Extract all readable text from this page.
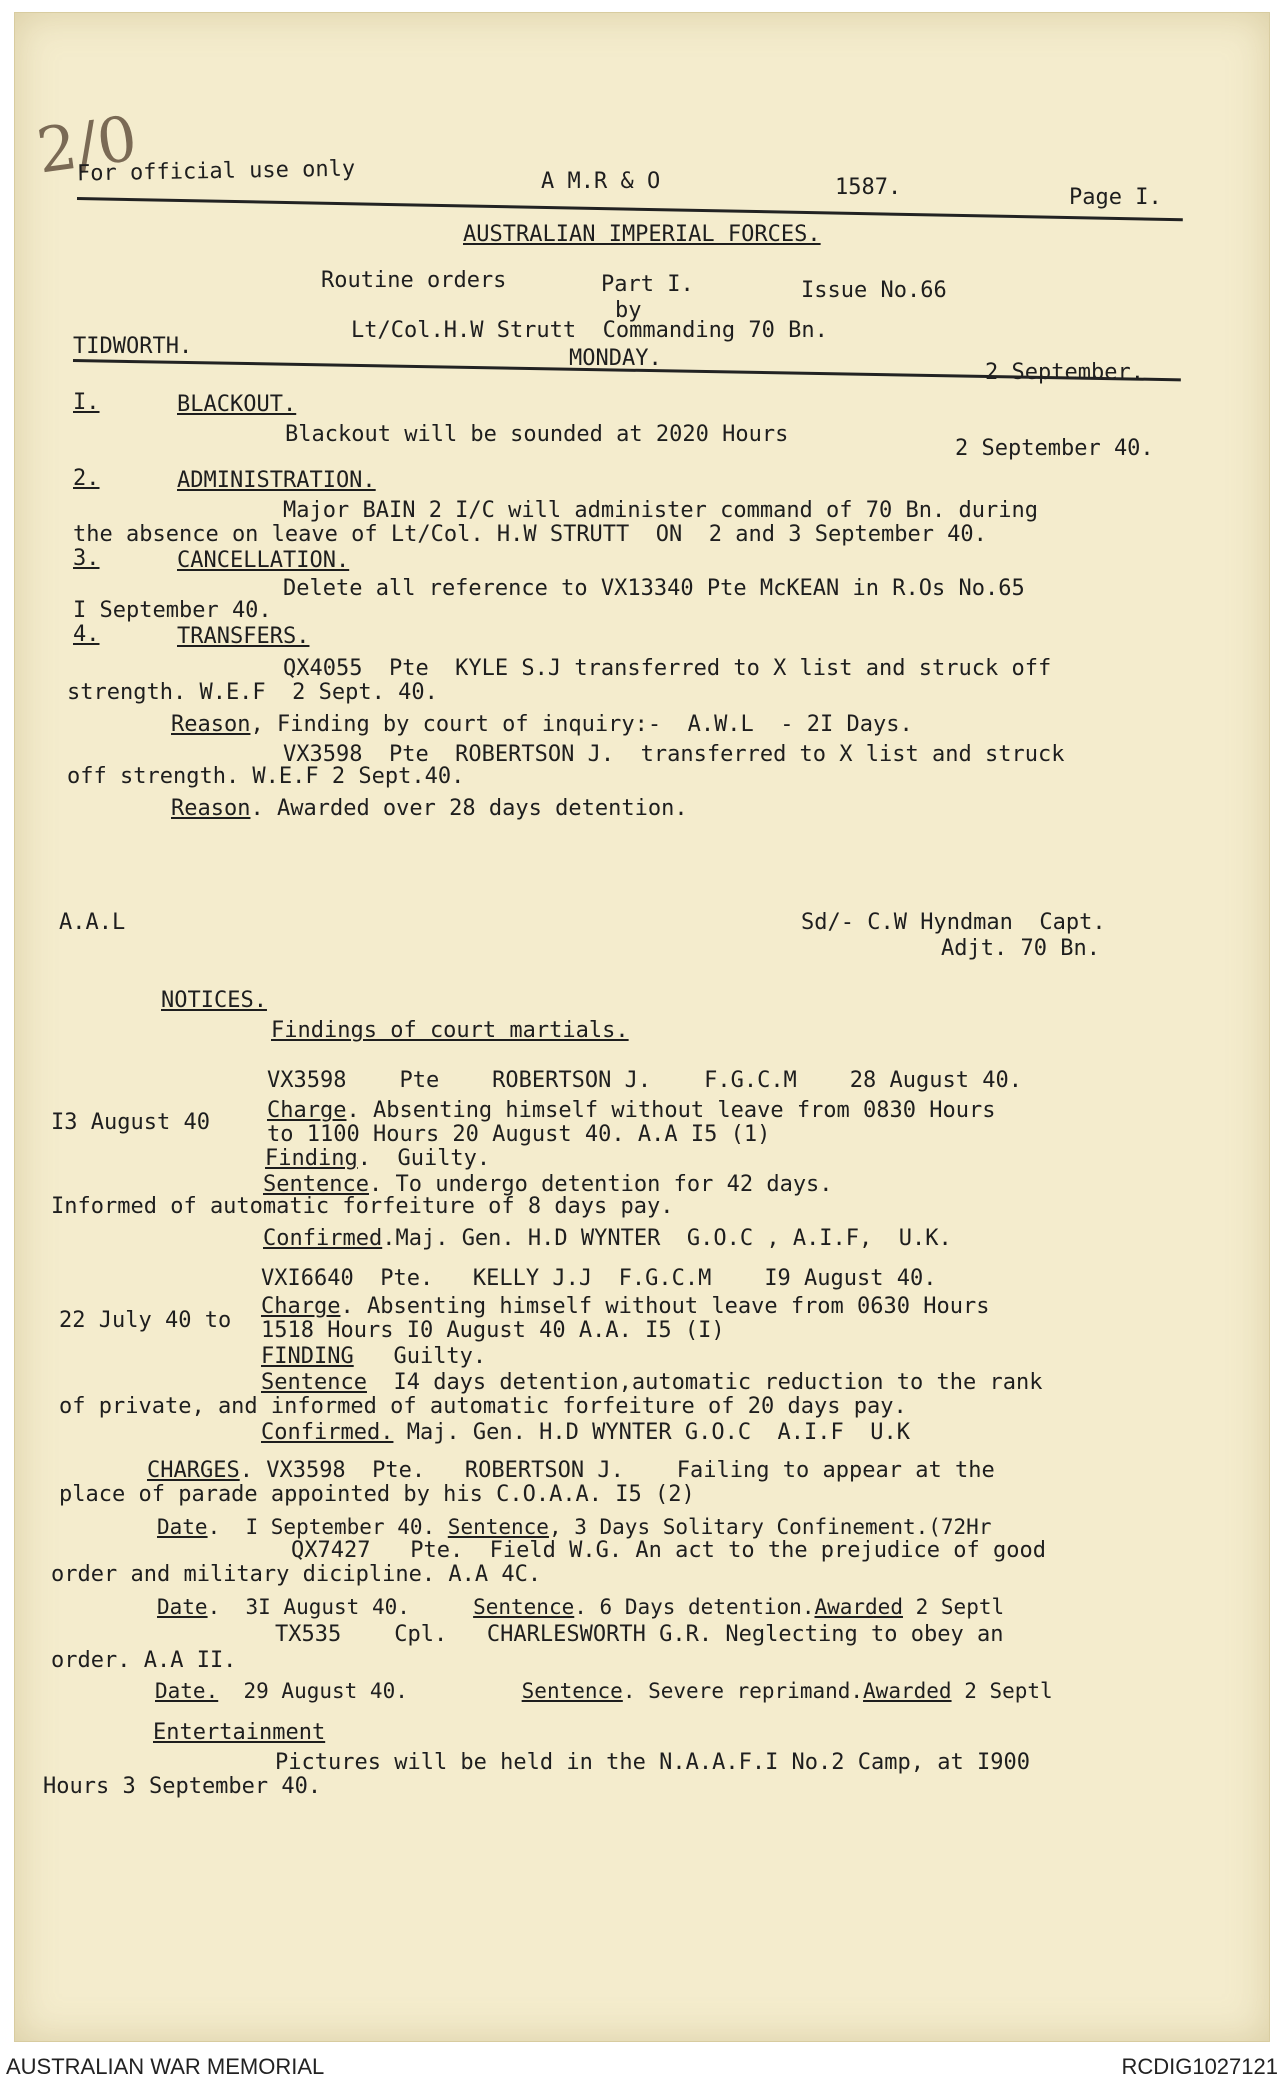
2/0
For official use only	A M.R & O	1587.	Page I.
AUSTRALIAN IMPERIAL FORCES.
Routine orders	Part I.	Issue No.66
by
Lt/Col.H.W Strutt  Commanding 70 Bn.
TIDWORTH.	MONDAY.
2 September.
I.	BLACKOUT.
Blackout will be sounded at 2020 Hours
2 September 40.
2.	ADMINISTRATION.
Major BAIN 2 I/C will administer command of 70 Bn. during
the absence on leave of Lt/Col. H.W STRUTT  ON  2 and 3 September 40.
3.	CANCELLATION.
Delete all reference to VX13340 Pte McKEAN in R.Os No.65
I September 40.
4.	TRANSFERS.
QX4055  Pte  KYLE S.J transferred to X list and struck off
strength. W.E.F  2 Sept. 40.
Reason, Finding by court of inquiry:-  A.W.L  - 2I Days.
VX3598  Pte  ROBERTSON J.  transferred to X list and struck
off strength. W.E.F 2 Sept.40.
Reason. Awarded over 28 days detention.
A.A.L	Sd/- C.W Hyndman  Capt.
Adjt. 70 Bn.
NOTICES.
Findings of court martials.
VX3598    Pte    ROBERTSON J.    F.G.C.M    28 August 40.
I3 August 40	Charge. Absenting himself without leave from 0830 Hours
to 1100 Hours 20 August 40. A.A I5 (1)
Finding.  Guilty.
Sentence. To undergo detention for 42 days.
Informed of automatic forfeiture of 8 days pay.
Confirmed.Maj. Gen. H.D WYNTER  G.O.C , A.I.F,  U.K.
VXI6640  Pte.   KELLY J.J  F.G.C.M    I9 August 40.
22 July 40 to
Charge. Absenting himself without leave from 0630 Hours
1518 Hours I0 August 40 A.A. I5 (I)
FINDING   Guilty.
Sentence  I4 days detention,automatic reduction to the rank
of private, and informed of automatic forfeiture of 20 days pay.
Confirmed. Maj. Gen. H.D WYNTER G.O.C  A.I.F  U.K
CHARGES. VX3598  Pte.   ROBERTSON J.    Failing to appear at the
place of parade appointed by his C.O.A.A. I5 (2)
Date.  I September 40. Sentence, 3 Days Solitary Confinement.(72Hr
QX7427   Pte.  Field W.G. An act to the prejudice of good
order and military dicipline. A.A 4C.
Date.  3I August 40.     Sentence. 6 Days detention.Awarded 2 Septl
TX535    Cpl.   CHARLESWORTH G.R. Neglecting to obey an
order. A.A II.
Date.  29 August 40.         Sentence. Severe reprimand.Awarded 2 Septl
Entertainment
Pictures will be held in the N.A.A.F.I No.2 Camp, at I900
Hours 3 September 40.
AUSTRALIAN WAR MEMORIAL	RCDIG1027121
